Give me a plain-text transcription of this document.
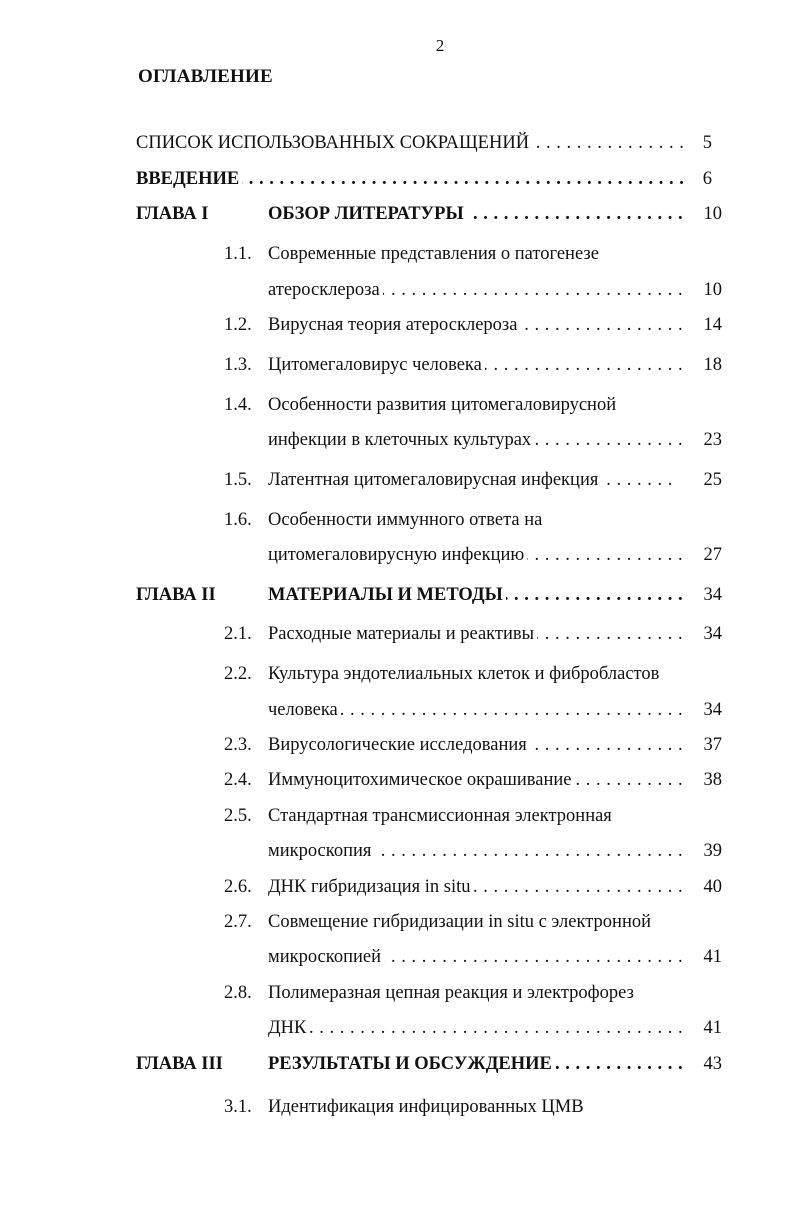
2
ОГЛАВЛЕНИЕ
СПИСОК ИСПОЛЬЗОВАННЫХ СОКРАЩЕНИЙ . . .	5
ВВЕДЕНИЕ . . .	6
ГЛАВА I	ОБЗОР ЛИТЕРАТУРЫ . . .	10
1.1. Современные представления о патогенезе
атеросклероза . . .	10
1.2. Вирусная теория атеросклероза . . .	14
1.3. Цитомегаловирус человека . . .	18
1.4. Особенности развития цитомегаловирусной
инфекции в клеточных культурах . . .	23
1.5. Латентная цитомегаловирусная инфекция . . .	25
1.6. Особенности иммунного ответа на
цитомегаловирусную инфекцию . . .	27
ГЛАВА II	МАТЕРИАЛЫ И МЕТОДЫ . . .	34
2.1. Расходные материалы и реактивы . . .	34
2.2. Культура эндотелиальных клеток и фибробластов
человека . . .	34
2.3. Вирусологические исследования . . .	37
2.4. Иммуноцитохимическое окрашивание . . .	38
2.5. Стандартная трансмиссионная электронная
микроскопия . . .	39
2.6. ДНК гибридизация in situ . . .	40
2.7. Совмещение гибридизации in situ с электронной
микроскопией . . .	41
2.8. Полимеразная цепная реакция и электрофорез
ДНК . . .	41
ГЛАВА III РЕЗУЛЬТАТЫ И ОБСУЖДЕНИЕ . . .	43
3.1. Идентификация инфицированных ЦМВ
